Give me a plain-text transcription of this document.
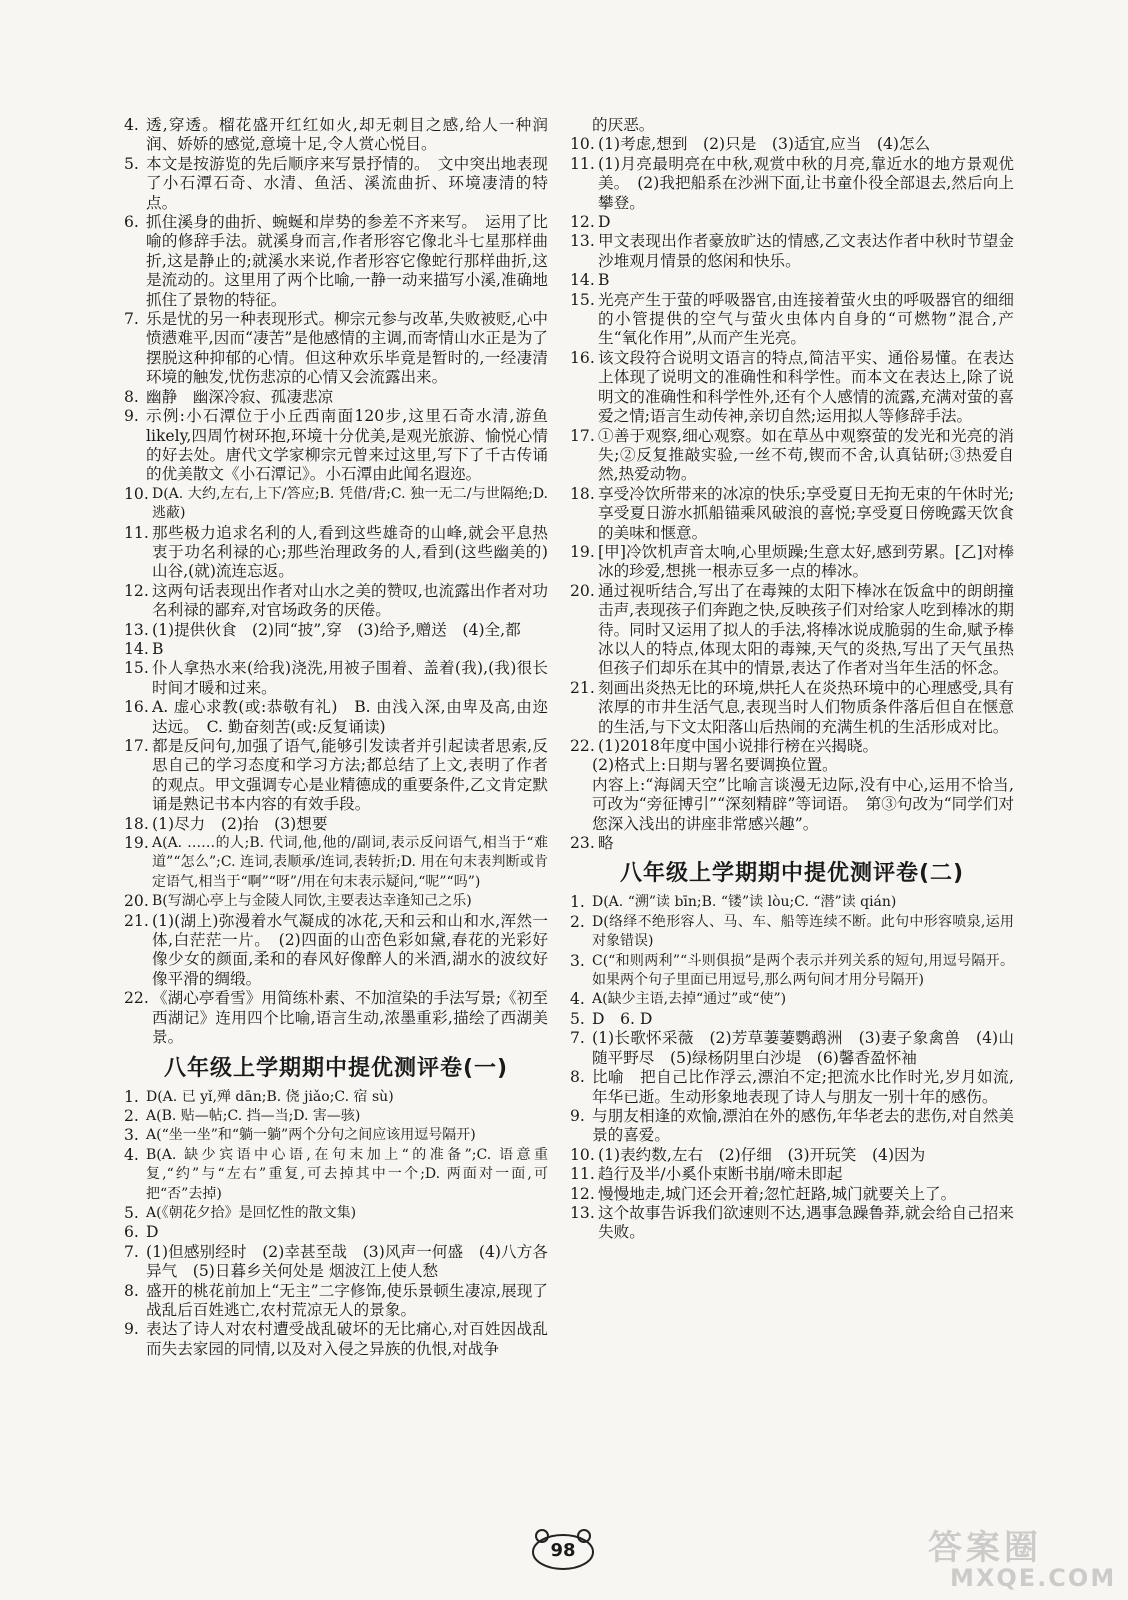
4. 透,穿透。榴花盛开红红如火,却无刺目之感,给人一种润润、娇娇的感觉,意境十足,令人赏心悦目。
5. 本文是按游览的先后顺序来写景抒情的。　文中突出地表现了小石潭石奇、水清、鱼活、溪流曲折、环境凄清的特点。
6. 抓住溪身的曲折、蜿蜒和岸势的参差不齐来写。　运用了比喻的修辞手法。就溪身而言,作者形容它像北斗七星那样曲折,这是静止的;就溪水来说,作者形容它像蛇行那样曲折,这是流动的。这里用了两个比喻,一静一动来描写小溪,准确地抓住了景物的特征。
7. 乐是忧的另一种表现形式。柳宗元参与改革,失败被贬,心中愤懑难平,因而“凄苦”是他感情的主调,而寄情山水正是为了摆脱这种抑郁的心情。但这种欢乐毕竟是暂时的,一经凄清环境的触发,忧伤悲凉的心情又会流露出来。
8. 幽静　幽深冷寂、孤凄悲凉
9. 示例:小石潭位于小丘西南面120步,这里石奇水清,游鱼likely,四周竹树环抱,环境十分优美,是观光旅游、愉悦心情的好去处。唐代文学家柳宗元曾来过这里,写下了千古传诵的优美散文《小石潭记》。小石潭由此闻名遐迩。
10. D(A. 大约,左右,上下/答应;B. 凭借/背;C. 独一无二/与世隔绝;D. 逃蔽)
11. 那些极力追求名利的人,看到这些雄奇的山峰,就会平息热衷于功名利禄的心;那些治理政务的人,看到(这些幽美的)山谷,(就)流连忘返。
12. 这两句话表现出作者对山水之美的赞叹,也流露出作者对功名利禄的鄙弃,对官场政务的厌倦。
13. (1)提供伙食　(2)同“披”,穿　(3)给予,赠送　(4)全,都
14. B
15. 仆人拿热水来(给我)浇洗,用被子围着、盖着(我),(我)很长时间才暖和过来。
16. A. 虚心求教(或:恭敬有礼)　B. 由浅入深,由卑及高,由迩达远。　C. 勤奋刻苦(或:反复诵读)
17. 都是反问句,加强了语气,能够引发读者并引起读者思索,反思自己的学习态度和学习方法;都总结了上文,表明了作者的观点。甲文强调专心是业精德成的重要条件,乙文肯定默诵是熟记书本内容的有效手段。
18. (1)尽力　(2)抬　(3)想要
19. A(A. ……的人;B. 代词,他,他的/副词,表示反问语气,相当于“难道”“怎么”;C. 连词,表顺承/连词,表转折;D. 用在句末表判断或肯定语气,相当于“啊”“呀”/用在句末表示疑问,“呢”“吗”)
20. B(写湖心亭上与金陵人同饮,主要表达幸逢知己之乐)
21. (1)(湖上)弥漫着水气凝成的冰花,天和云和山和水,浑然一体,白茫茫一片。　(2)四面的山峦色彩如黛,春花的光彩好像少女的颜面,柔和的春风好像醉人的米酒,湖水的波纹好像平滑的绸缎。
22. 《湖心亭看雪》用简练朴素、不加渲染的手法写景;《初至西湖记》连用四个比喻,语言生动,浓墨重彩,描绘了西湖美景。
八年级上学期期中提优测评卷(一)
1. D(A. 已 yǐ,殚 dān;B. 侥 jiǎo;C. 宿 sù)
2. A(B. 贴—帖;C. 挡—当;D. 害—骇)
3. A(“坐一坐”和“躺一躺”两个分句之间应该用逗号隔开)
4. B(A. 缺少宾语中心语,在句末加上“的准备”;C. 语意重复,“约”与“左右”重复,可去掉其中一个;D. 两面对一面,可把“否”去掉)
5. A(《朝花夕拾》是回忆性的散文集)
6. D
7. (1)但感别经时　(2)幸甚至哉　(3)风声一何盛　(4)八方各异气　(5)日暮乡关何处是 烟波江上使人愁
8. 盛开的桃花前加上“无主”二字修饰,使乐景顿生凄凉,展现了战乱后百姓逃亡,农村荒凉无人的景象。
9. 表达了诗人对农村遭受战乱破坏的无比痛心,对百姓因战乱而失去家园的同情,以及对入侵之异族的仇恨,对战争
的厌恶。
10. (1)考虑,想到　(2)只是　(3)适宜,应当　(4)怎么
11. (1)月亮最明亮在中秋,观赏中秋的月亮,靠近水的地方景观优美。　(2)我把船系在沙洲下面,让书童仆役全部退去,然后向上攀登。
12. D
13. 甲文表现出作者豪放旷达的情感,乙文表达作者中秋时节望金沙堆观月情景的悠闲和快乐。
14. B
15. 光亮产生于萤的呼吸器官,由连接着萤火虫的呼吸器官的细细的小管提供的空气与萤火虫体内自身的“可燃物”混合,产生“氧化作用”,从而产生光亮。
16. 该文段符合说明文语言的特点,简洁平实、通俗易懂。在表达上体现了说明文的准确性和科学性。而本文在表达上,除了说明文的准确性和科学性外,还有个人感情的流露,充满对萤的喜爱之情;语言生动传神,亲切自然;运用拟人等修辞手法。
17. ①善于观察,细心观察。如在草丛中观察萤的发光和光亮的消失;②反复推敲实验,一丝不苟,锲而不舍,认真钻研;③热爱自然,热爱动物。
18. 享受冷饮所带来的冰凉的快乐;享受夏日无拘无束的午休时光;享受夏日游水抓船锚乘风破浪的喜悦;享受夏日傍晚露天饮食的美味和惬意。
19. [甲]冷饮机声音太响,心里烦躁;生意太好,感到劳累。[乙]对棒冰的珍爱,想挑一根赤豆多一点的棒冰。
20. 通过视听结合,写出了在毒辣的太阳下棒冰在饭盒中的朗朗撞击声,表现孩子们奔跑之快,反映孩子们对给家人吃到棒冰的期待。同时又运用了拟人的手法,将棒冰说成脆弱的生命,赋予棒冰以人的特点,体现太阳的毒辣,天气的炎热,写出了天气虽热但孩子们却乐在其中的情景,表达了作者对当年生活的怀念。
21. 刻画出炎热无比的环境,烘托人在炎热环境中的心理感受,具有浓厚的市井生活气息,表现当时人们物质条件落后但自在惬意的生活,与下文太阳落山后热闹的充满生机的生活形成对比。
22. (1)2018年度中国小说排行榜在兴揭晓。
(2)格式上:日期与署名要调换位置。
内容上:“海阔天空”比喻言谈漫无边际,没有中心,运用不恰当,可改为“旁征博引”“深刻精辟”等词语。　第③句改为“同学们对您深入浅出的讲座非常感兴趣”。
23. 略
八年级上学期期中提优测评卷(二)
1. D(A. “溯”读 bīn;B. “镂”读 lòu;C. “潜”读 qián)
2. D(络绎不绝形容人、马、车、船等连续不断。此句中形容喷泉,运用对象错误)
3. C(“和则两利”“斗则俱损”是两个表示并列关系的短句,用逗号隔开。如果两个句子里面已用逗号,那么两句间才用分号隔开)
4. A(缺少主语,去掉“通过”或“使”)
5. D　6. D
7. (1)长歌怀采薇　(2)芳草萋萋鹦鹉洲　(3)妻子象禽兽　(4)山随平野尽　(5)绿杨阴里白沙堤　(6)馨香盈怀袖
8. 比喻　把自己比作浮云,漂泊不定;把流水比作时光,岁月如流,年华已逝。生动形象地表现了诗人与朋友一别十年的感伤。
9. 与朋友相逢的欢愉,漂泊在外的感伤,年华老去的悲伤,对自然美景的喜爱。
10. (1)表约数,左右　(2)仔细　(3)开玩笑　(4)因为
11. 趋行及半/小奚仆束断书崩/啼未即起
12. 慢慢地走,城门还会开着;忽忙赶路,城门就要关上了。
13. 这个故事告诉我们欲速则不达,遇事急躁鲁莽,就会给自己招来失败。
98	答案圈
MXQE.COM
